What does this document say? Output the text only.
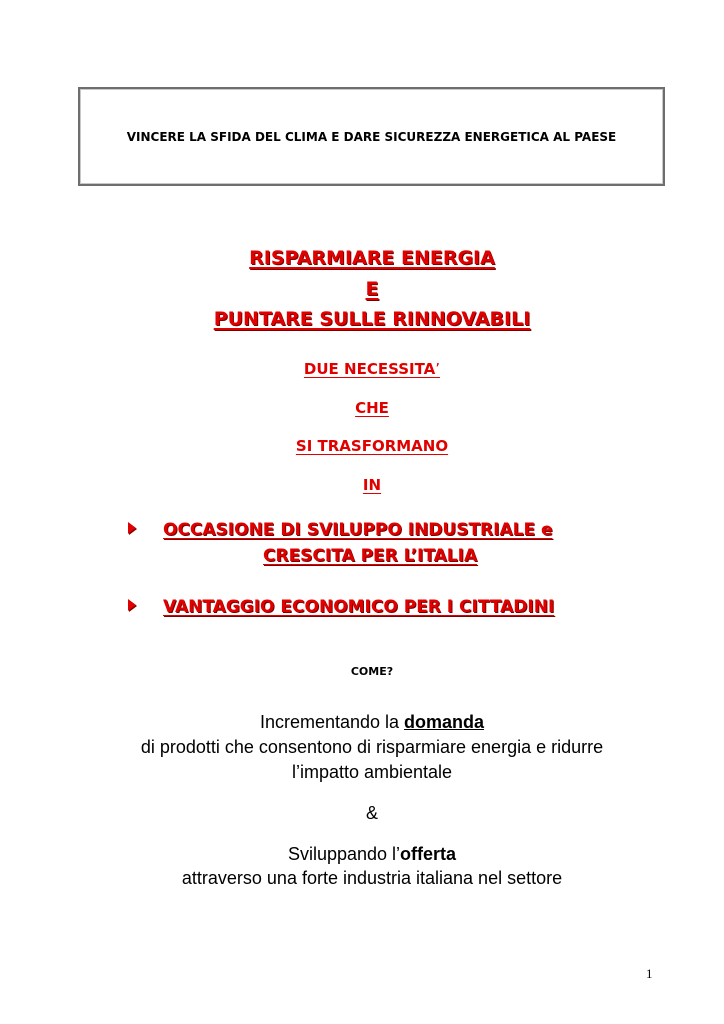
VINCERE LA SFIDA DEL CLIMA E DARE SICUREZZA ENERGETICA AL PAESE
RISPARMIARE ENERGIA
E
PUNTARE SULLE RINNOVABILI
DUE NECESSITA’
CHE
SI TRASFORMANO
IN
OCCASIONE DI SVILUPPO INDUSTRIALE e
CRESCITA PER L’ITALIA
VANTAGGIO ECONOMICO PER I CITTADINI
COME?
Incrementando la domanda
di prodotti che consentono di risparmiare energia e ridurre
l’impatto ambientale
&
Sviluppando l’offerta
attraverso una forte industria italiana nel settore
1
